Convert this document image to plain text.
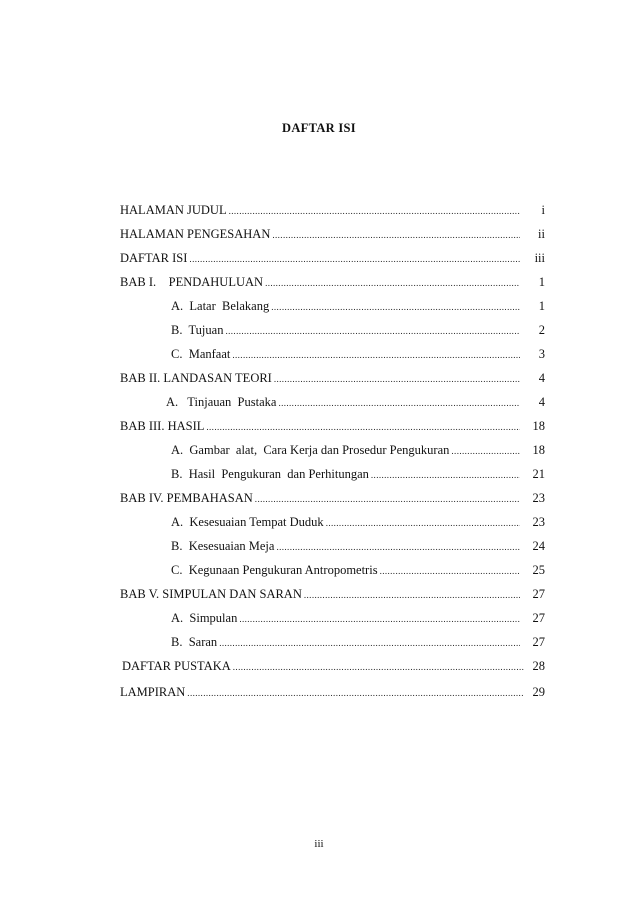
DAFTAR ISI
HALAMAN JUDUL .....	i
HALAMAN PENGESAHAN .....	ii
DAFTAR ISI .....	iii
BAB I.    PENDAHULUAN .....	1
A.  Latar  Belakang .....	1
B.  Tujuan .....	2
C.  Manfaat .....	3
BAB II. LANDASAN TEORI .....	4
A.   Tinjauan  Pustaka .....	4
BAB III. HASIL .....	18
A.  Gambar  alat,  Cara Kerja dan Prosedur Pengukuran .....	18
B.  Hasil  Pengukuran  dan Perhitungan .....	21
BAB IV. PEMBAHASAN .....	23
A.  Kesesuaian Tempat Duduk .....	23
B.  Kesesuaian Meja .....	24
C.  Kegunaan Pengukuran Antropometris .....	25
BAB V. SIMPULAN DAN SARAN .....	27
A.  Simpulan .....	27
B.  Saran .....	27
DAFTAR PUSTAKA .....	28
LAMPIRAN .....	29
iii
